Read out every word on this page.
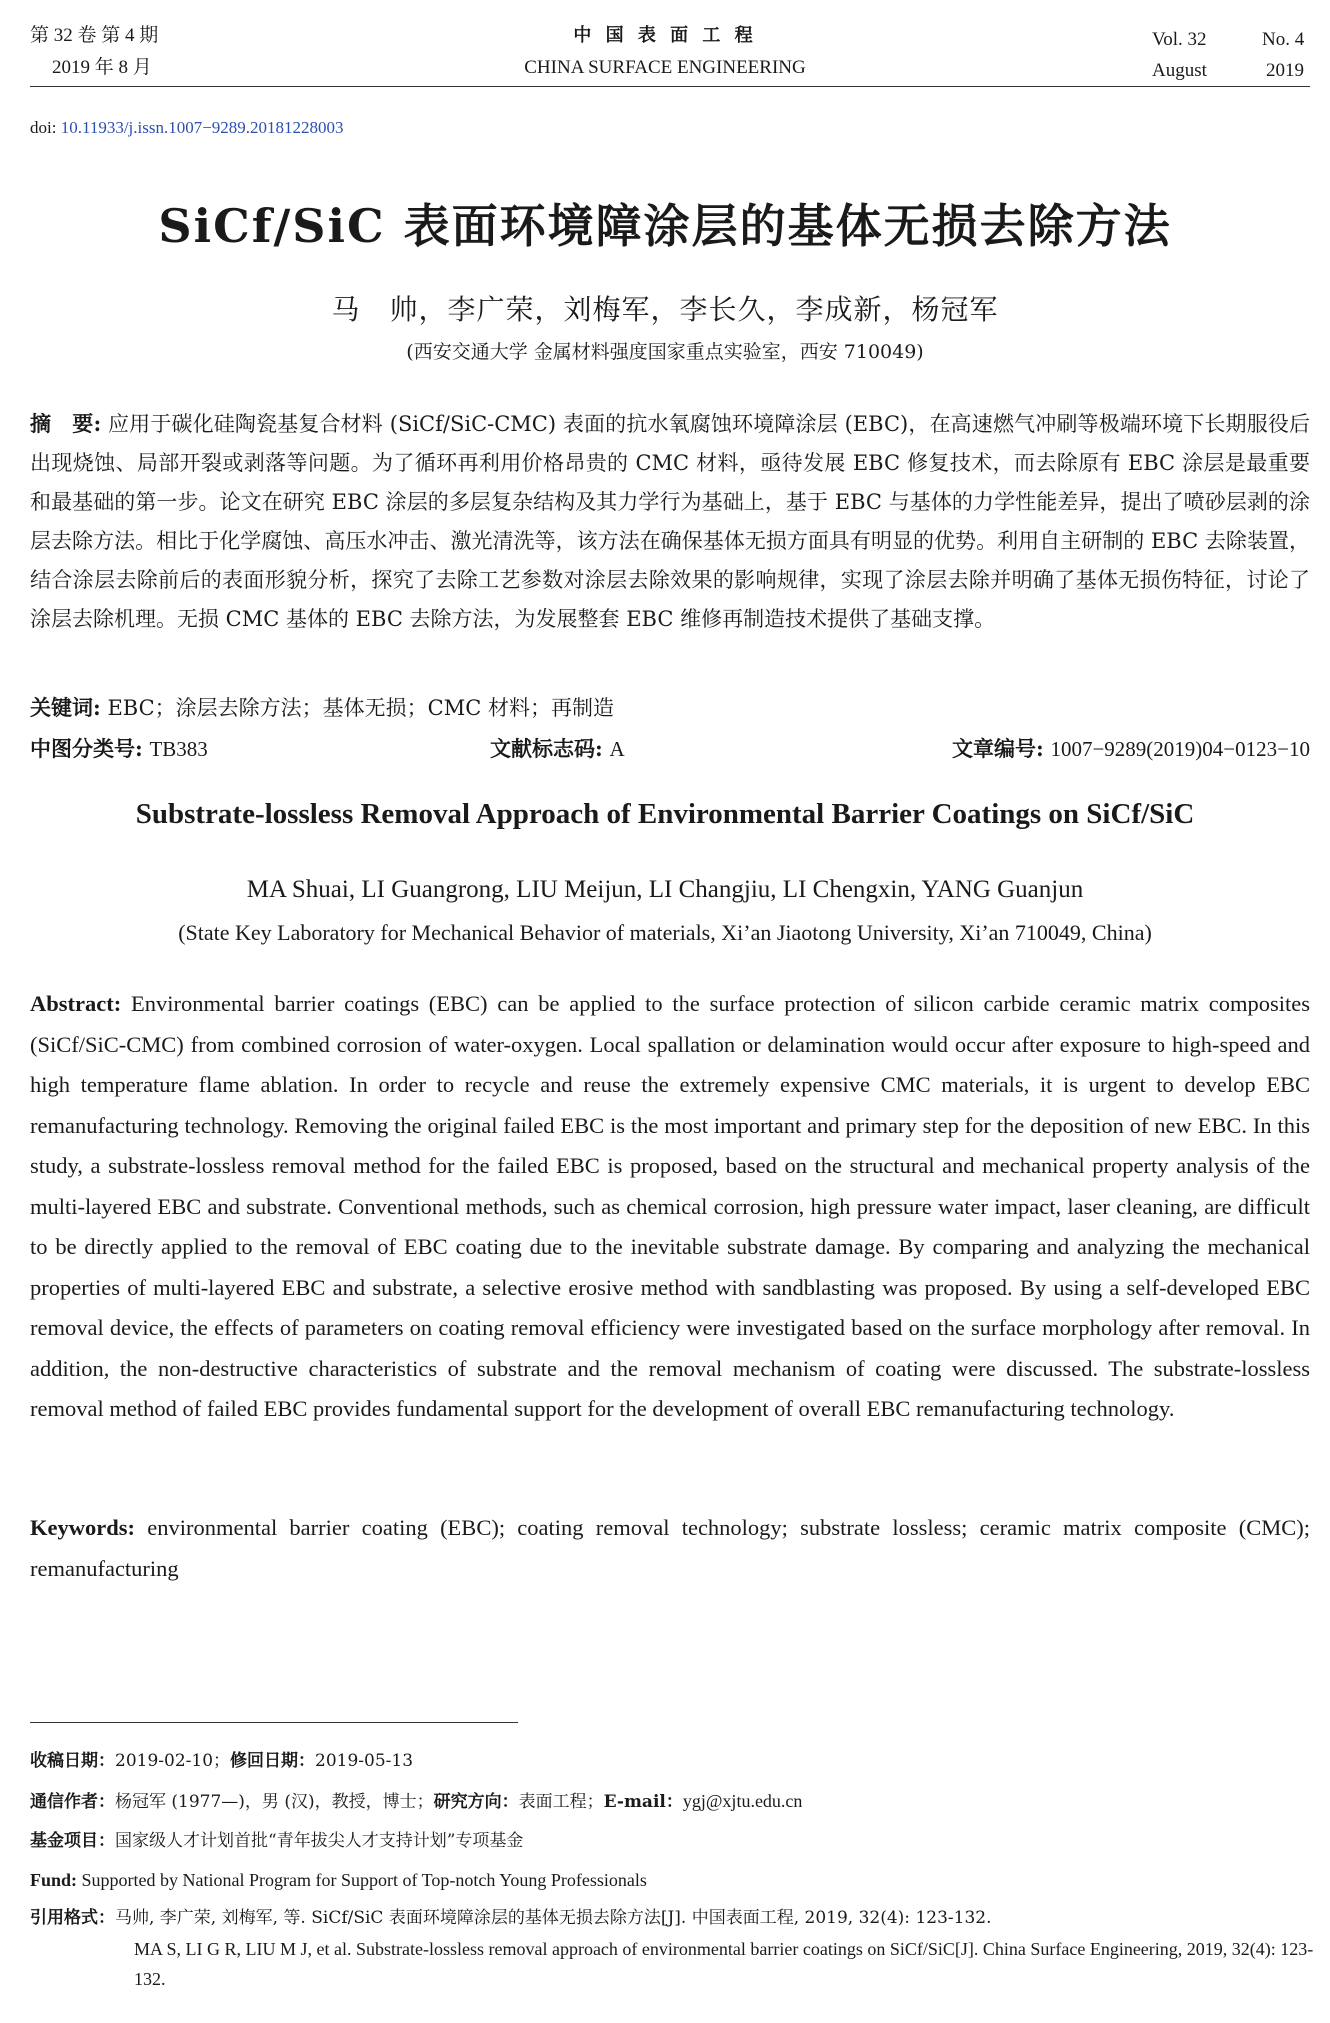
第 32 卷 第 4 期
2019 年 8 月
中 国 表 面 工 程
CHINA SURFACE ENGINEERING
Vol. 32	No. 4
August	2019
doi: 10.11933/j.issn.1007−9289.20181228003
SiCf/SiC 表面环境障涂层的基体无损去除方法
马　帅，李广荣，刘梅军，李长久，李成新，杨冠军
(西安交通大学 金属材料强度国家重点实验室，西安 710049)
摘　要: 应用于碳化硅陶瓷基复合材料 (SiCf/SiC-CMC) 表面的抗水氧腐蚀环境障涂层 (EBC)，在高速燃气冲刷等极端环境下长期服役后出现烧蚀、局部开裂或剥落等问题。为了循环再利用价格昂贵的 CMC 材料，亟待发展 EBC 修复技术，而去除原有 EBC 涂层是最重要和最基础的第一步。论文在研究 EBC 涂层的多层复杂结构及其力学行为基础上，基于 EBC 与基体的力学性能差异，提出了喷砂层剥的涂层去除方法。相比于化学腐蚀、高压水冲击、激光清洗等，该方法在确保基体无损方面具有明显的优势。利用自主研制的 EBC 去除装置，结合涂层去除前后的表面形貌分析，探究了去除工艺参数对涂层去除效果的影响规律，实现了涂层去除并明确了基体无损伤特征，讨论了涂层去除机理。无损 CMC 基体的 EBC 去除方法，为发展整套 EBC 维修再制造技术提供了基础支撑。
关键词: EBC；涂层去除方法；基体无损；CMC 材料；再制造
中图分类号: TB383	文献标志码: A	文章编号: 1007−9289(2019)04−0123−10
Substrate-lossless Removal Approach of Environmental Barrier Coatings on SiCf/SiC
MA Shuai, LI Guangrong, LIU Meijun, LI Changjiu, LI Chengxin, YANG Guanjun
(State Key Laboratory for Mechanical Behavior of materials, Xi’an Jiaotong University, Xi’an 710049, China)
Abstract: Environmental barrier coatings (EBC) can be applied to the surface protection of silicon carbide ceramic matrix composites (SiCf/SiC-CMC) from combined corrosion of water-oxygen. Local spallation or delamination would occur after exposure to high-speed and high temperature flame ablation. In order to recycle and reuse the extremely expensive CMC materials, it is urgent to develop EBC remanufacturing technology. Removing the original failed EBC is the most important and primary step for the deposition of new EBC. In this study, a substrate-lossless removal method for the failed EBC is proposed, based on the structural and mechanical property analysis of the multi-layered EBC and substrate. Conventional methods, such as chemical corrosion, high pressure water impact, laser cleaning, are difficult to be directly applied to the removal of EBC coating due to the inevitable substrate damage. By comparing and analyzing the mechanical properties of multi-layered EBC and substrate, a selective erosive method with sandblasting was proposed. By using a self-developed EBC removal device, the effects of parameters on coating removal efficiency were investigated based on the surface morphology after removal. In addition, the non-destructive characteristics of substrate and the removal mechanism of coating were discussed. The substrate-lossless removal method of failed EBC provides fundamental support for the development of overall EBC remanufacturing technology.
Keywords: environmental barrier coating (EBC); coating removal technology; substrate lossless; ceramic matrix composite (CMC); remanufacturing
收稿日期：2019-02-10；修回日期：2019-05-13
通信作者：杨冠军 (1977—)，男 (汉)，教授，博士；研究方向：表面工程；E-mail：ygj@xjtu.edu.cn
基金项目：国家级人才计划首批“青年拔尖人才支持计划”专项基金
Fund: Supported by National Program for Support of Top-notch Young Professionals
引用格式：马帅, 李广荣, 刘梅军, 等. SiCf/SiC 表面环境障涂层的基体无损去除方法[J]. 中国表面工程, 2019, 32(4): 123-132.
MA S, LI G R, LIU M J, et al. Substrate-lossless removal approach of environmental barrier coatings on SiCf/SiC[J]. China Surface Engineering, 2019, 32(4): 123-132.
